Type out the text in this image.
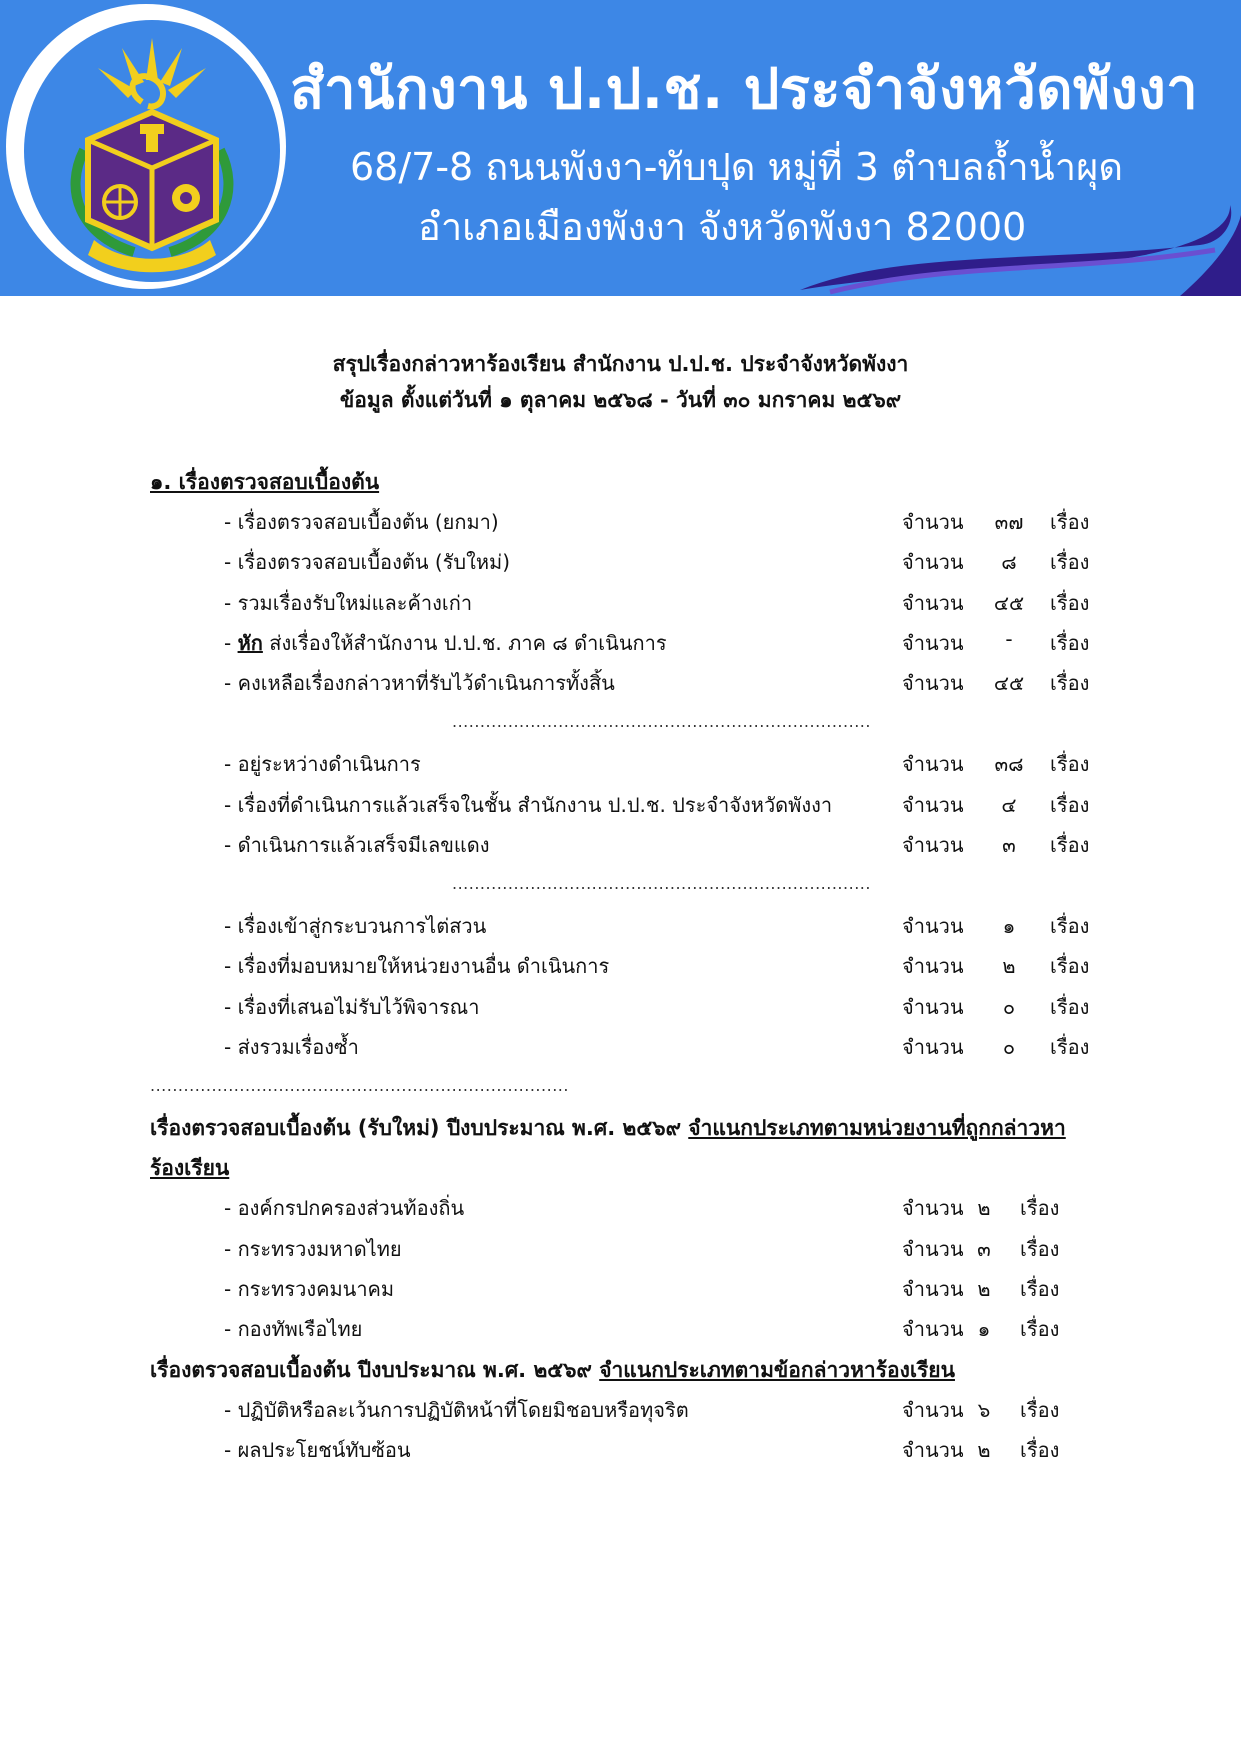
สำนักงาน ป.ป.ช. ประจำจังหวัดพังงา
68/7-8 ถนนพังงา-ทับปุด หมู่ที่ 3 ตำบลถ้ำน้ำผุด
อำเภอเมืองพังงา จังหวัดพังงา 82000
สรุปเรื่องกล่าวหาร้องเรียน สำนักงาน ป.ป.ช. ประจำจังหวัดพังงา
ข้อมูล ตั้งแต่วันที่ ๑ ตุลาคม ๒๕๖๘ - วันที่ ๓๐ มกราคม ๒๕๖๙
๑. เรื่องตรวจสอบเบื้องต้น
- เรื่องตรวจสอบเบื้องต้น (ยกมา)	จำนวน	๓๗	เรื่อง
- เรื่องตรวจสอบเบื้องต้น (รับใหม่)	จำนวน	๘	เรื่อง
- รวมเรื่องรับใหม่และค้างเก่า	จำนวน	๔๕	เรื่อง
- หัก ส่งเรื่องให้สำนักงาน ป.ป.ช. ภาค ๘ ดำเนินการ	จำนวน	-	เรื่อง
- คงเหลือเรื่องกล่าวหาที่รับไว้ดำเนินการทั้งสิ้น	จำนวน	๔๕	เรื่อง
...........................................................................
- อยู่ระหว่างดำเนินการ	จำนวน	๓๘	เรื่อง
- เรื่องที่ดำเนินการแล้วเสร็จในชั้น สำนักงาน ป.ป.ช. ประจำจังหวัดพังงา	จำนวน	๔	เรื่อง
- ดำเนินการแล้วเสร็จมีเลขแดง	จำนวน	๓	เรื่อง
...........................................................................
- เรื่องเข้าสู่กระบวนการไต่สวน	จำนวน	๑	เรื่อง
- เรื่องที่มอบหมายให้หน่วยงานอื่น ดำเนินการ	จำนวน	๒	เรื่อง
- เรื่องที่เสนอไม่รับไว้พิจารณา	จำนวน	๐	เรื่อง
- ส่งรวมเรื่องซ้ำ	จำนวน	๐	เรื่อง
...........................................................................
เรื่องตรวจสอบเบื้องต้น (รับใหม่) ปีงบประมาณ พ.ศ. ๒๕๖๙ จำแนกประเภทตามหน่วยงานที่ถูกกล่าวหา
ร้องเรียน
- องค์กรปกครองส่วนท้องถิ่น	จำนวน ๒	เรื่อง
- กระทรวงมหาดไทย	จำนวน ๓	เรื่อง
- กระทรวงคมนาคม	จำนวน ๒	เรื่อง
- กองทัพเรือไทย	จำนวน ๑	เรื่อง
เรื่องตรวจสอบเบื้องต้น ปีงบประมาณ พ.ศ. ๒๕๖๙ จำแนกประเภทตามข้อกล่าวหาร้องเรียน
- ปฏิบัติหรือละเว้นการปฏิบัติหน้าที่โดยมิชอบหรือทุจริต	จำนวน ๖	เรื่อง
- ผลประโยชน์ทับซ้อน	จำนวน ๒	เรื่อง
